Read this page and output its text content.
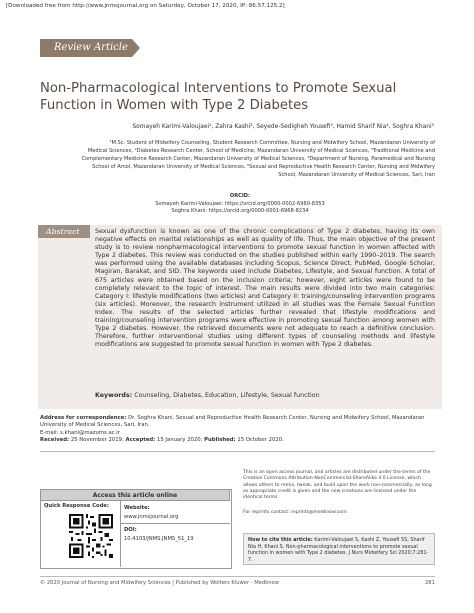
[Downloaded free from http://www.jnmsjournal.org on Saturday, October 17, 2020, IP: 86.57.125.2]
Review Article
Non-Pharmacological Interventions to Promote Sexual
Function in Women with Type 2 Diabetes
Somayeh Karimi-Valoujaei¹, Zahra Kashi², Seyede-Sedigheh Yousefi³, Hamid Sharif Nia⁴, Soghra Khani⁵
¹M.Sc. Student of Midwifery Counseling, Student Research Committee, Nursing and Midwifery School, Mazandaran University of
Medical Sciences, ²Diabetes Research Center, School of Medicine, Mazandaran University of Medical Sciences, ³Traditional Medicine and
Complementary Medicine Research Center, Mazandaran University of Medical Sciences, ⁴Department of Nursing, Paramedical and Nursing
School of Amol, Mazandaran University of Medical Sciences, ⁵Sexual and Reproductive Health Research Center, Nursing and Midwifery
School, Mazandaran University of Medical Sciences, Sari, Iran
ORCID:
Somayeh Karimi-Valoujaei: https://orcid.org/0000-0002-6960-8353
Soghra Khani: https://orcid.org/0000-0001-6968-8234
Abstract	Sexual dysfunction is known as one of the chronic complications of Type 2 diabetes, having its own negative effects on marital relationships as well as quality of life. Thus, the main objective of the present study is to review nonpharmacological interventions to promote sexual function in women affected with Type 2 diabetes. This review was conducted on the studies published within early 1990–2019. The search was performed using the available databases including Scopus, Science Direct, PubMed, Google Scholar, Magiran, Barakat, and SID. The keywords used include Diabetes, Lifestyle, and Sexual function. A total of 675 articles were obtained based on the inclusion criteria; however, eight articles were found to be completely relevant to the topic of interest. The main results were divided into two main categories: Category I: lifestyle modifications (two articles) and Category II: training/counseling intervention programs (six articles). Moreover, the research instrument utilized in all studies was the Female Sexual Function Index. The results of the selected articles further revealed that lifestyle modifications and training/counseling intervention programs were effective in promoting sexual function among women with Type 2 diabetes. However, the retrieved documents were not adequate to reach a definitive conclusion. Therefore, further interventional studies using different types of counseling methods and lifestyle modifications are suggested to promote sexual function in women with Type 2 diabetes.
Keywords: Counseling, Diabetes, Education, Lifestyle, Sexual function
Address for correspondence: Dr. Soghra Khani, Sexual and Reproductive Health Research Center, Nursing and Midwifery School, Mazandaran University of Medical Sciences, Sari, Iran.
E-mail: s.khani@mazums.ac.ir
Received: 25 November 2019; Accepted: 15 January 2020; Published: 15 October 2020.
Access this article online
Quick Response Code:	Website:
www.jnmsjournal.org
DOI:
10.4103/JNMS.JNMS_51_19
This is an open access journal, and articles are distributed under the terms of the Creative Commons Attribution-NonCommercial-ShareAlike 4.0 License, which allows others to remix, tweak, and build upon the work non-commercially, as long as appropriate credit is given and the new creations are licensed under the identical terms.
For reprints contact: reprints@medknow.com
How to cite this article: Karimi-Valoujaei S, Kashi Z, Yousefi SS, Sharif Nia H, Khani S. Non-pharmacological interventions to promote sexual function in women with Type 2 diabetes. J Nurs Midwifery Sci 2020;7:281-7.
© 2020 Journal of Nursing and Midwifery Sciences | Published by Wolters Kluwer - Medknow	281
